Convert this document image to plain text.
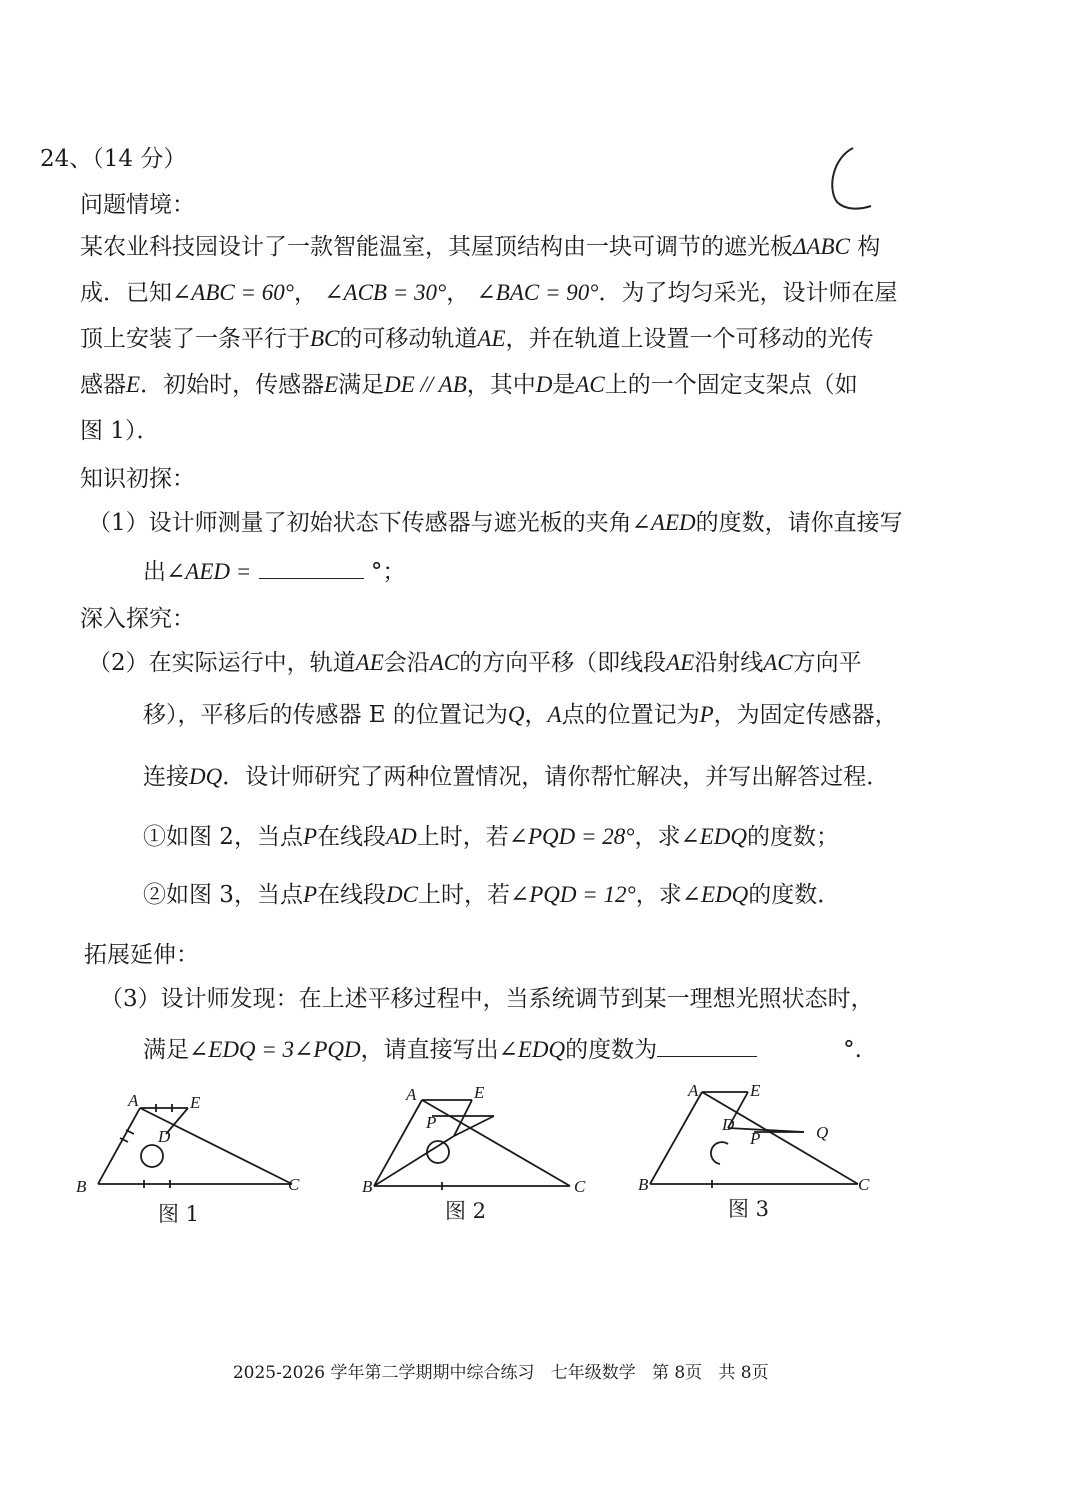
24、（14 分）
问题情境：
某农业科技园设计了一款智能温室，其屋顶结构由一块可调节的遮光板ΔABC 构
成．已知∠ABC = 60°， ∠ACB = 30°， ∠BAC = 90°．为了均匀采光，设计师在屋
顶上安装了一条平行于BC的可移动轨道AE，并在轨道上设置一个可移动的光传
感器E．初始时，传感器E满足DE // AB，其中D是AC上的一个固定支架点（如
图 1）．
知识初探：
（1）设计师测量了初始状态下传感器与遮光板的夹角∠AED的度数，请你直接写
出∠AED =	°；
深入探究：
（2）在实际运行中，轨道AE会沿AC的方向平移（即线段AE沿射线AC方向平
移），平移后的传感器 E 的位置记为Q，A点的位置记为P，为固定传感器，
连接DQ．设计师研究了两种位置情况，请你帮忙解决，并写出解答过程．
①如图 2，当点P在线段AD上时，若∠PQD = 28°，求∠EDQ的度数；
②如图 3，当点P在线段DC上时，若∠PQD = 12°，求∠EDQ的度数．
拓展延伸：
（3）设计师发现：在上述平移过程中，当系统调节到某一理想光照状态时，
满足∠EDQ = 3∠PQD，请直接写出∠EDQ的度数为	°.
A	E
D
B	C
图 1
A	E
P
B	C
图 2
A	E
D
P	Q
B	C
图 3

2025-2026 学年第二学期期中综合练习 七年级数学 第 8页 共 8页
